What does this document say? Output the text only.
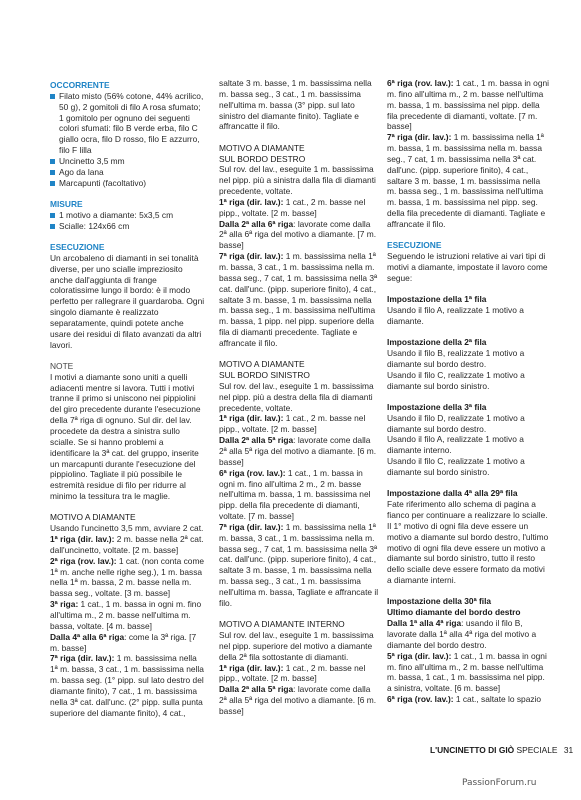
OCCORRENTE

Filato misto (56% cotone, 44% acrilico, 50 g), 2 gomitoli di filo A rosa sfumato; 1 gomitolo per ognuno dei seguenti colori sfumati: filo B verde erba, filo C giallo ocra, filo D rosso, filo E azzurro, filo F lilla

Uncinetto 3,5 mm

Ago da lana

Marcapunti (facoltativo)

MISURE

1 motivo a diamante: 5x3,5 cm

Scialle: 124x66 cm

ESECUZIONE

Un arcobaleno di diamanti in sei tonalità diverse, per uno scialle impreziosito anche dall'aggiunta di frange coloratissime lungo il bordo: è il modo perfetto per rallegrare il guardaroba. Ogni singolo diamante è realizzato separatamente, quindi potete anche usare dei residui di filato avanzati da altri lavori.

NOTE

I motivi a diamante sono uniti a quelli adiacenti mentre si lavora. Tutti i motivi tranne il primo si uniscono nei pippiolini del giro precedente durante l'esecuzione della 7ª riga di ognuno. Sul dir. del lav. procedete da destra a sinistra sullo scialle. Se si hanno problemi a identificare la 3ª cat. del gruppo, inserite un marcapunti durante l'esecuzione del pippiolino. Tagliate il più possibile le estremità residue di filo per ridurre al minimo la tessitura tra le maglie.

MOTIVO A DIAMANTE

Usando l'uncinetto 3,5 mm, avviare 2 cat.

1ª riga (dir. lav.): 2 m. basse nella 2ª cat. dall'uncinetto, voltate. [2 m. basse]

2ª riga (rov. lav.): 1 cat. (non conta come 1ª m. anche nelle righe seg.), 1 m. bassa nella 1ª m. bassa, 2 m. basse nella m. bassa seg., voltate. [3 m. basse]

3ª riga: 1 cat., 1 m. bassa in ogni m. fino all'ultima m., 2 m. basse nell'ultima m. bassa, voltate. [4 m. basse]

Dalla 4ª alla 6ª riga: come la 3ª riga. [7 m. basse]

7ª riga (dir. lav.): 1 m. bassissima nella 1ª m. bassa, 3 cat., 1 m. bassissima nella m. bassa seg. (1° pipp. sul lato destro del diamante finito), 7 cat., 1 m. bassissima nella 3ª cat. dall'unc. (2° pipp. sulla punta superiore del diamante finito), 4 cat.,

saltate 3 m. basse, 1 m. bassissima nella m. bassa seg., 3 cat., 1 m. bassissima nell'ultima m. bassa (3° pipp. sul lato sinistro del diamante finito). Tagliate e affrancatte il filo.

MOTIVO A DIAMANTE

SUL BORDO DESTRO

Sul rov. del lav., eseguite 1 m. bassissima nel pipp. più a sinistra dalla fila di diamanti precedente, voltate.

1ª riga (dir. lav.): 1 cat., 2 m. basse nel pipp., voltate. [2 m. basse]

Dalla 2ª alla 6ª riga: lavorate come dalla 2ª alla 6ª riga del motivo a diamante. [7 m. basse]

7ª riga (dir. lav.): 1 m. bassissima nella 1ª m. bassa, 3 cat., 1 m. bassissima nella m. bassa seg., 7 cat, 1 m. bassissima nella 3ª cat. dall'unc. (pipp. superiore finito), 4 cat., saltate 3 m. basse, 1 m. bassissima nella m. bassa seg., 1 m. bassissima nell'ultima m. bassa, 1 pipp. nel pipp. superiore della fila di diamanti precedente. Tagliate e affrancate il filo.

MOTIVO A DIAMANTE

SUL BORDO SINISTRO

Sul rov. del lav., eseguite 1 m. bassissima nel pipp. più a destra della fila di diamanti precedente, voltate.

1ª riga (dir. lav.): 1 cat., 2 m. basse nel pipp., voltate. [2 m. basse]

Dalla 2ª alla 5ª riga: lavorate come dalla 2ª alla 5ª riga del motivo a diamante. [6 m. basse]

6ª riga (rov. lav.): 1 cat., 1 m. bassa in ogni m. fino all'ultima 2 m., 2 m. basse nell'ultima m. bassa, 1 m. bassissima nel pipp. della fila precedente di diamanti, voltate. [7 m. basse]

7ª riga (dir. lav.): 1 m. bassissima nella 1ª m. bassa, 3 cat., 1 m. bassissima nella m. bassa seg., 7 cat, 1 m. bassissima nella 3ª cat. dall'unc. (pipp. superiore finito), 4 cat., saltate 3 m. basse, 1 m. bassissima nella m. bassa seg., 3 cat., 1 m. bassissima nell'ultima m. bassa, Tagliate e affrancate il filo.

MOTIVO A DIAMANTE INTERNO

Sul rov. del lav., eseguite 1 m. bassissima nel pipp. superiore del motivo a diamante della 2ª fila sottostante di diamanti.

1ª riga (dir. lav.): 1 cat., 2 m. basse nel pipp., voltate. [2 m. basse]

Dalla 2ª alla 5ª riga: lavorate come dalla 2ª alla 5ª riga del motivo a diamante. [6 m. basse]

6ª riga (rov. lav.): 1 cat., 1 m. bassa in ogni m. fino all'ultima m., 2 m. basse nell'ultima m. bassa, 1 m. bassissima nel pipp. della fila precedente di diamanti, voltate. [7 m. basse]

7ª riga (dir. lav.): 1 m. bassissima nella 1ª m. bassa, 1 m. bassissima nella m. bassa seg., 7 cat, 1 m. bassissima nella 3ª cat. dall'unc. (pipp. superiore finito), 4 cat., saltare 3 m. basse, 1 m. bassissima nella m. bassa seg., 1 m. bassissima nell'ultima m. bassa, 1 m. bassissima nel pipp. seg. della fila precedente di diamanti. Tagliate e affrancate il filo.

ESECUZIONE

Seguendo le istruzioni relative ai vari tipi di motivi a diamante, impostate il lavoro come segue:

Impostazione della 1ª fila

Usando il filo A, realizzate 1 motivo a diamante.

Impostazione della 2ª fila

Usando il filo B, realizzate 1 motivo a diamante sul bordo destro.

Usando il filo C, realizzate 1 motivo a diamante sul bordo sinistro.

Impostazione della 3ª fila

Usando il filo D, realizzate 1 motivo a diamante sul bordo destro.

Usando il filo A, realizzate 1 motivo a diamante interno.

Usando il filo C, realizzate 1 motivo a diamante sul bordo sinistro.

Impostazione dalla 4ª alla 29ª fila

Fate riferimento allo schema di pagina a fianco per continuare a realizzare lo scialle. Il 1° motivo di ogni fila deve essere un motivo a diamante sul bordo destro, l'ultimo motivo di ogni fila deve essere un motivo a diamante sul bordo sinistro, tutto il resto dello scialle deve essere formato da motivi a diamante interni.

Impostazione della 30ª fila

Ultimo diamante del bordo destro

Dalla 1ª alla 4ª riga: usando il filo B, lavorate dalla 1ª alla 4ª riga del motivo a diamante del bordo destro.

5ª riga (dir. lav.): 1 cat., 1 m. bassa in ogni m. fino all'ultima m., 2 m. basse nell'ultima m. bassa, 1 cat., 1 m. bassissima nel pipp. a sinistra, voltate. [6 m. basse]

6ª riga (rov. lav.): 1 cat., saltate lo spazio

L'UNCINETTO DI GIÒ SPECIALE 31
PassionForum.ru
